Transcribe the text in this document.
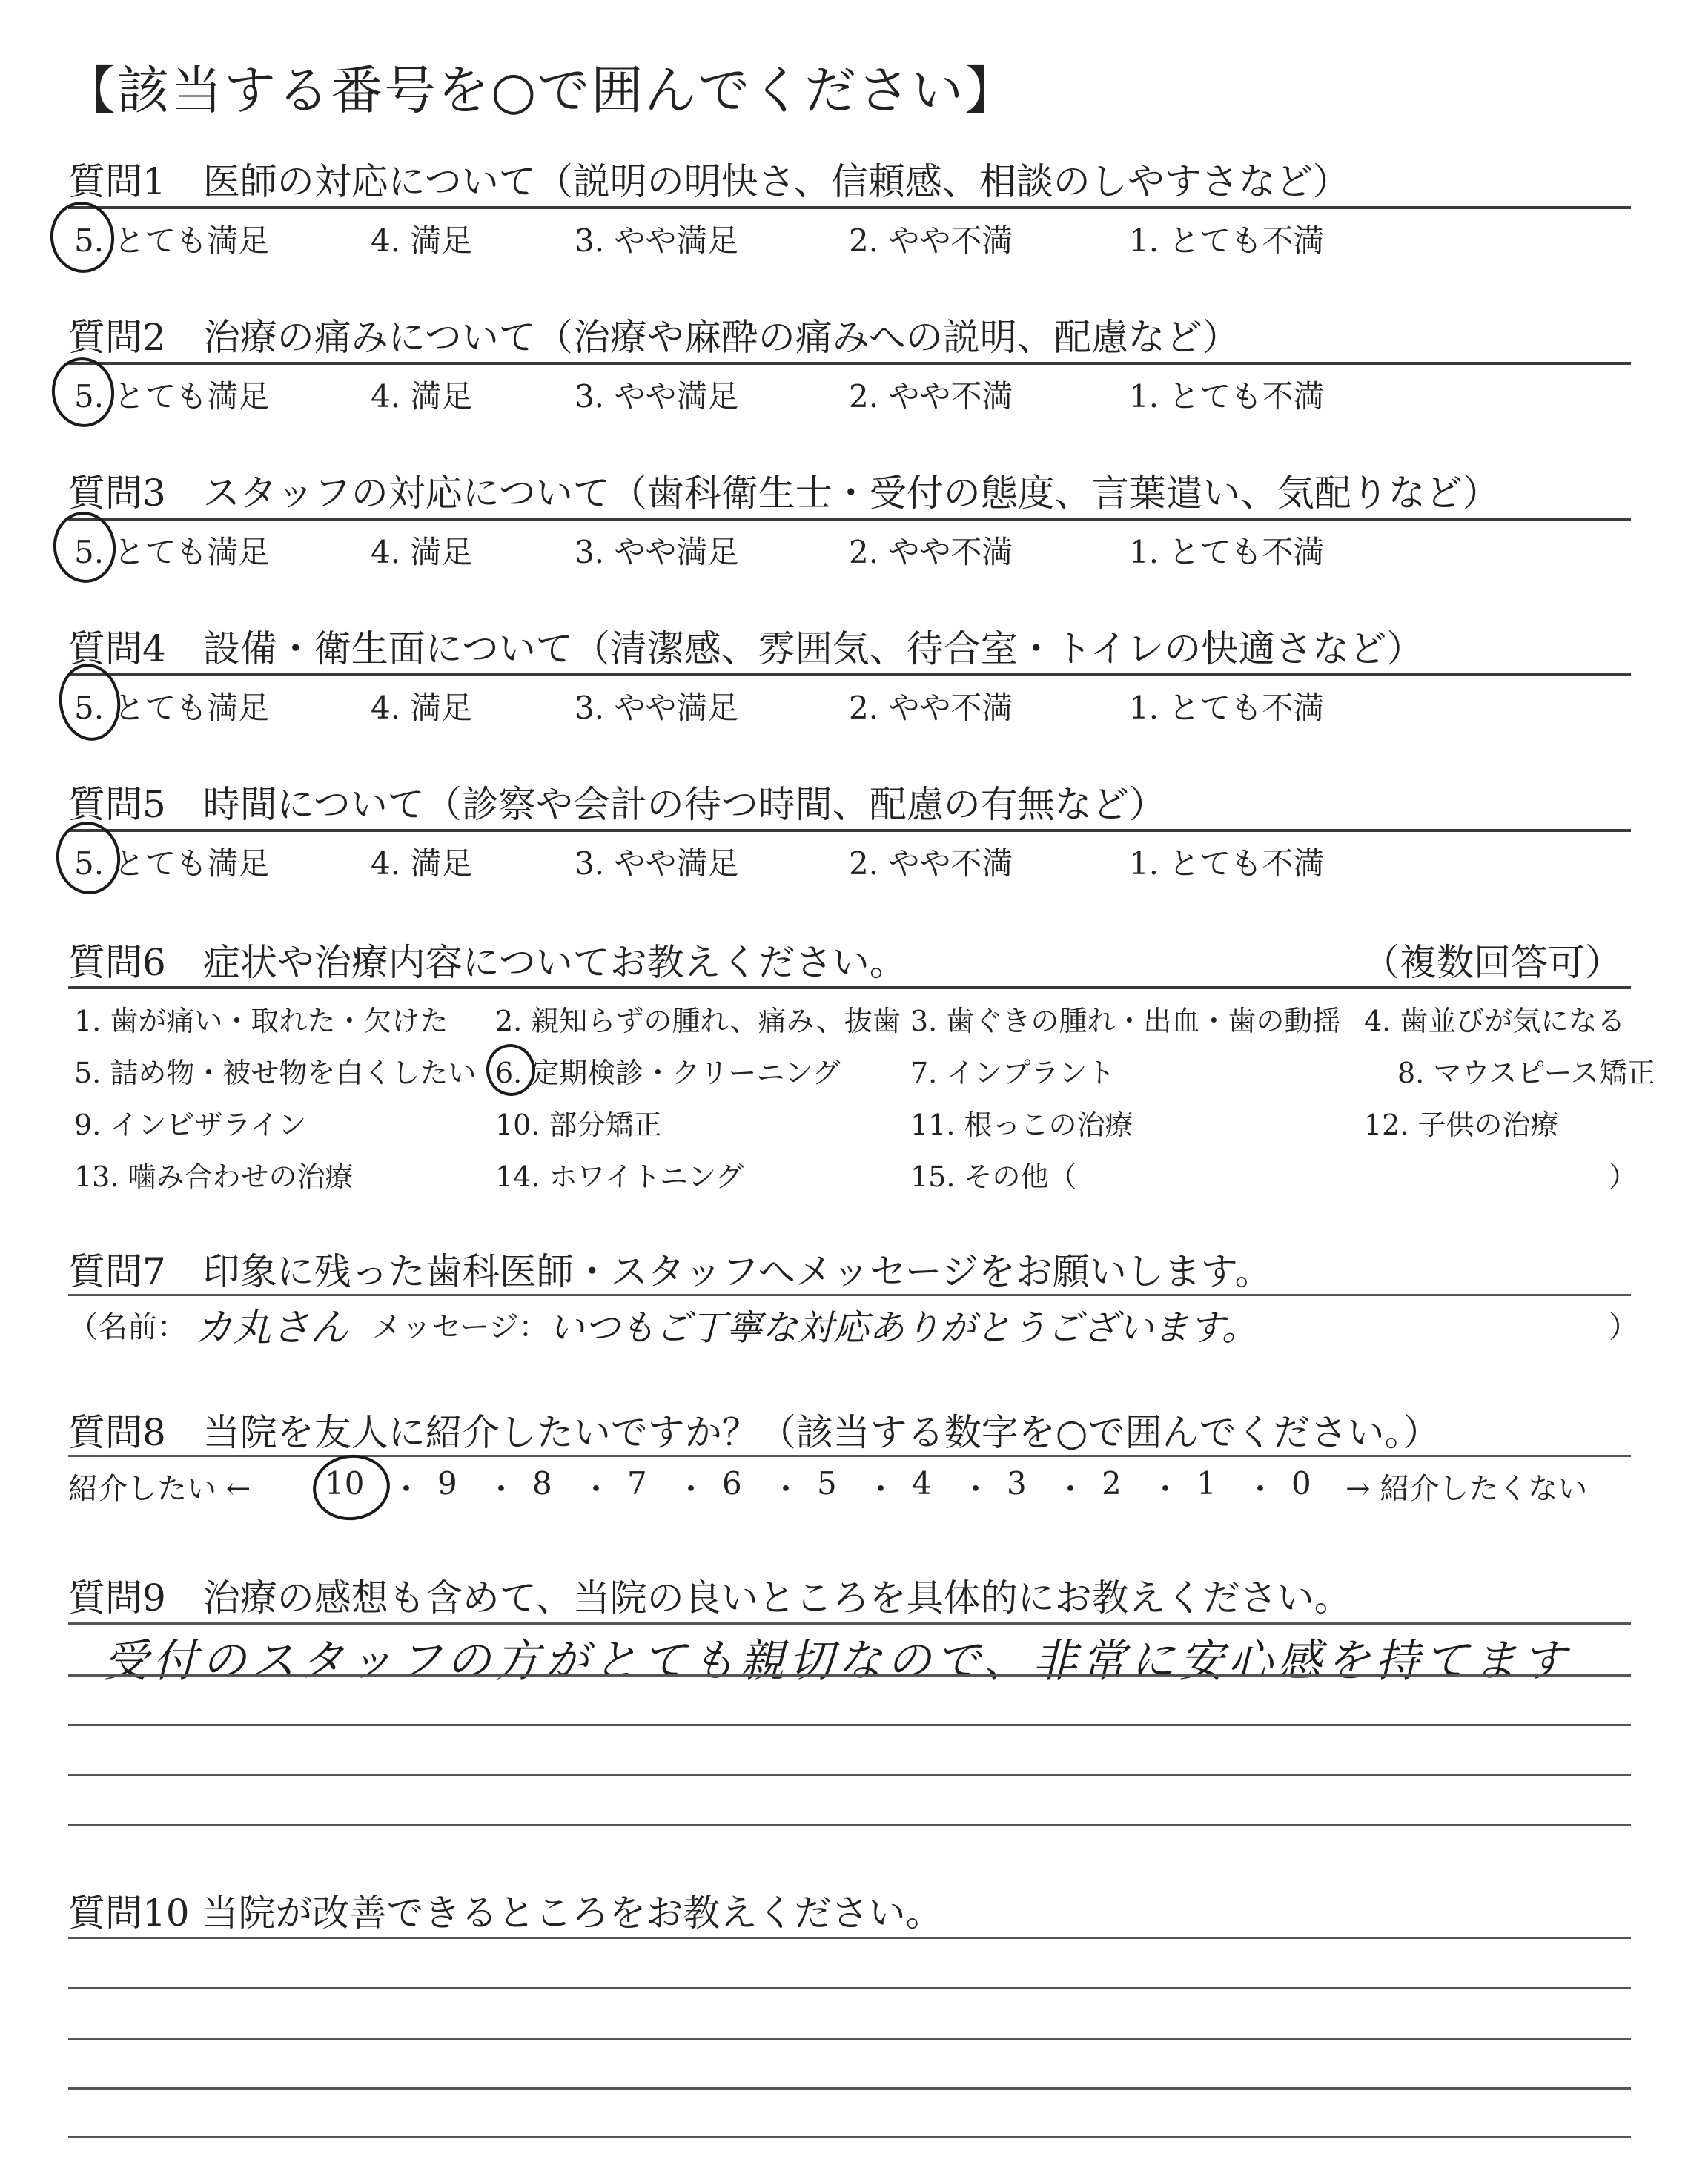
【該当する番号を○で囲んでください】
質問1　医師の対応について（説明の明快さ、信頼感、相談のしやすさなど）
5. とても満足	4. 満足	3. やや満足	2. やや不満	1. とても不満
質問2　治療の痛みについて（治療や麻酔の痛みへの説明、配慮など）
5. とても満足	4. 満足	3. やや満足	2. やや不満	1. とても不満
質問3　スタッフの対応について（歯科衛生士・受付の態度、言葉遣い、気配りなど）
5. とても満足	4. 満足	3. やや満足	2. やや不満	1. とても不満
質問4　設備・衛生面について（清潔感、雰囲気、待合室・トイレの快適さなど）
5. とても満足	4. 満足	3. やや満足	2. やや不満	1. とても不満
質問5　時間について（診察や会計の待つ時間、配慮の有無など）
5. とても満足	4. 満足	3. やや満足	2. やや不満	1. とても不満
質問6　症状や治療内容についてお教えください。	（複数回答可）
1. 歯が痛い・取れた・欠けた 2. 親知らずの腫れ、痛み、抜歯 3. 歯ぐきの腫れ・出血・歯の動揺 4. 歯並びが気になる
5. 詰め物・被せ物を白くしたい 6. 定期検診・クリーニング 7. インプラント	8. マウスピース矯正
9. インビザライン	10. 部分矯正	11. 根っこの治療	12. 子供の治療
13. 噛み合わせの治療	14. ホワイトニング	15. その他（	）
質問7　印象に残った歯科医師・スタッフへメッセージをお願いします。
（名前： カ丸さん メッセージ： いつもご丁寧な対応ありがとうございます。	）
質問8　当院を友人に紹介したいですか？（該当する数字を○で囲んでください。）
紹介したい ←	→ 紹介したくない
10 ・ 9 ・ 8 ・ 7 ・ 6 ・ 5 ・ 4 ・ 3 ・ 2 ・ 1 ・ 0
質問9　治療の感想も含めて、当院の良いところを具体的にお教えください。
受付のスタッフの方がとても親切なので、非常に安心感を持てます
質問10 当院が改善できるところをお教えください。
